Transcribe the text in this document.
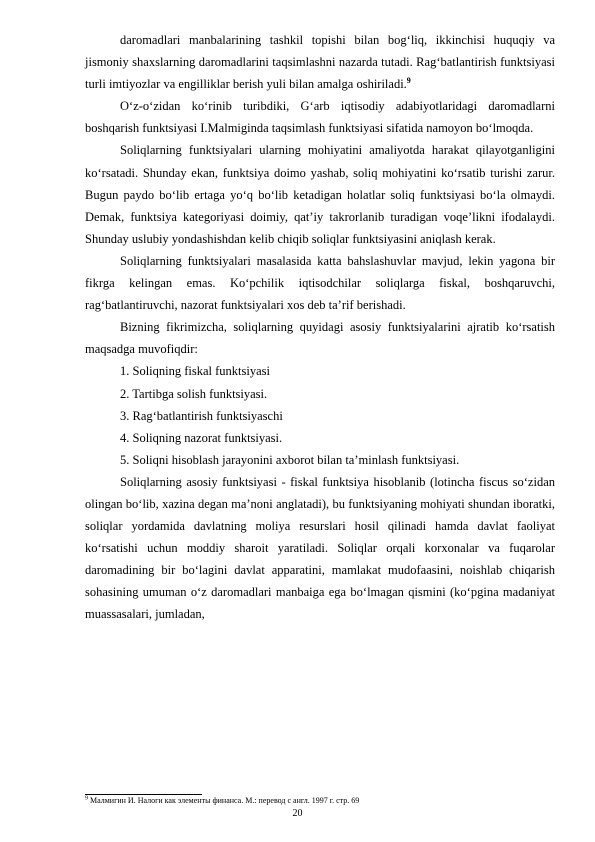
daromadlari manbalarining tashkil topishi bilan bog‘liq, ikkinchisi huquqiy va jismoniy shaxslarning daromadlarini taqsimlashni nazarda tutadi. Rag‘batlantirish funktsiyasi turli imtiyozlar va engilliklar berish yuli bilan amalga oshiriladi.$^9$

O‘z-o‘zidan ko‘rinib turibdiki, G‘arb iqtisodiy adabiyotlaridagi daromadlarni boshqarish funktsiyasi I.Malmiginda taqsimlash funktsiyasi sifatida namoyon bo‘lmoqda.

Soliqlarning funktsiyalari ularning mohiyatini amaliyotda harakat qilayotganligini ko‘rsatadi. Shunday ekan, funktsiya doimo yashab, soliq mohiyatini ko‘rsatib turishi zarur. Bugun paydo bo‘lib ertaga yo‘q bo‘lib ketadigan holatlar soliq funktsiyasi bo‘la olmaydi. Demak, funktsiya kategoriyasi doimiy, qat’iy takrorlanib turadigan voqe’likni ifodalaydi. Shunday uslubiy yondashishdan kelib chiqib soliqlar funktsiyasini aniqlash kerak.

Soliqlarning funktsiyalari masalasida katta bahslashuvlar mavjud, lekin yagona bir fikrga kelingan emas. Ko‘pchilik iqtisodchilar soliqlarga fiskal, boshqaruvchi, rag‘batlantiruvchi, nazorat funktsiyalari xos deb ta’rif berishadi.

Bizning fikrimizcha, soliqlarning quyidagi asosiy funktsiyalarini ajratib ko‘rsatish maqsadga muvofiqdir:

1. Soliqning fiskal funktsiyasi

2. Tartibga solish funktsiyasi.

3. Rag‘batlantirish funktsiyaschi

4. Soliqning nazorat funktsiyasi.

5. Soliqni hisoblash jarayonini axborot bilan ta’minlash funktsiyasi.

Soliqlarning asosiy funktsiyasi - fiskal funktsiya hisoblanib (lotincha fiscus so‘zidan olingan bo‘lib, xazina degan ma’noni anglatadi), bu funktsiyaning mohiyati shundan iboratki, soliqlar yordamida davlatning moliya resurslari hosil qilinadi hamda davlat faoliyat ko‘rsatishi uchun moddiy sharoit yaratiladi. Soliqlar orqali korxonalar va fuqarolar daromadining bir bo‘lagini davlat apparatini, mamlakat mudofaasini, noishlab chiqarish sohasining umuman o‘z daromadlari manbaiga ega bo‘lmagan qismini (ko‘pgina madaniyat muassasalari, jumladan,

$^9$ Малмигин И. Налоги как элементы финанса. М.: перевод с англ. 1997 г. стр. 69
20
